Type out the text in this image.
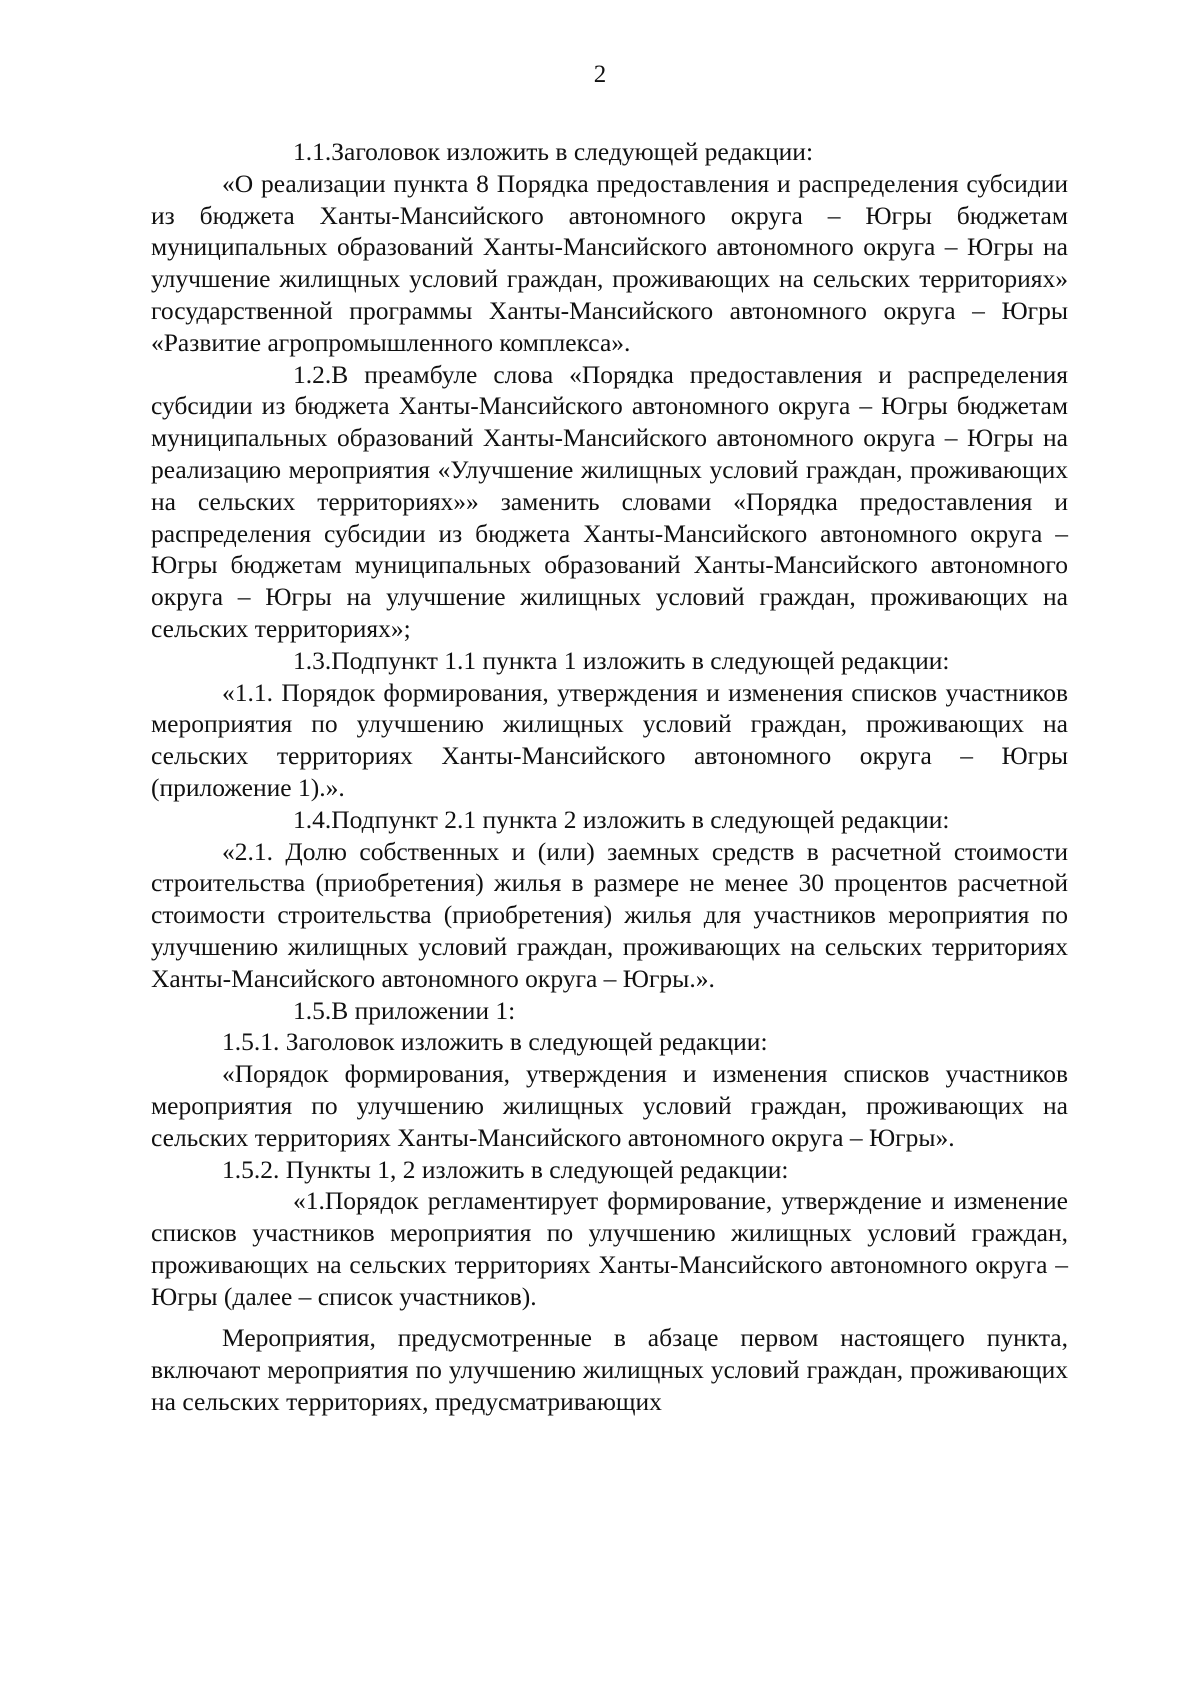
2

1.1.Заголовок изложить в следующей редакции:

«О реализации пункта 8 Порядка предоставления и распределения субсидии из бюджета Ханты-Мансийского автономного округа – Югры бюджетам муниципальных образований Ханты-Мансийского автономного округа – Югры на улучшение жилищных условий граждан, проживающих на сельских территориях» государственной программы Ханты-Мансийского автономного округа – Югры «Развитие агропромышленного комплекса».

1.2.В преамбуле слова «Порядка предоставления и распределения субсидии из бюджета Ханты-Мансийского автономного округа – Югры бюджетам муниципальных образований Ханты-Мансийского автономного округа – Югры на реализацию мероприятия «Улучшение жилищных условий граждан, проживающих на сельских территориях»» заменить словами «Порядка предоставления и распределения субсидии из бюджета Ханты-Мансийского автономного округа – Югры бюджетам муниципальных образований Ханты-Мансийского автономного округа – Югры на улучшение жилищных условий граждан, проживающих на сельских территориях»;

1.3.Подпункт 1.1 пункта 1 изложить в следующей редакции:

«1.1. Порядок формирования, утверждения и изменения списков участников мероприятия по улучшению жилищных условий граждан, проживающих на сельских территориях Ханты-Мансийского автономного округа – Югры (приложение 1).».

1.4.Подпункт 2.1 пункта 2 изложить в следующей редакции:

«2.1. Долю собственных и (или) заемных средств в расчетной стоимости строительства (приобретения) жилья в размере не менее 30 процентов расчетной стоимости строительства (приобретения) жилья для участников мероприятия по улучшению жилищных условий граждан, проживающих на сельских территориях Ханты-Мансийского автономного округа – Югры.».

1.5.В приложении 1:

1.5.1. Заголовок изложить в следующей редакции:

«Порядок формирования, утверждения и изменения списков участников мероприятия по улучшению жилищных условий граждан, проживающих на сельских территориях Ханты-Мансийского автономного округа – Югры».

1.5.2. Пункты 1, 2 изложить в следующей редакции:

«1.Порядок регламентирует формирование, утверждение и изменение списков участников мероприятия по улучшению жилищных условий граждан, проживающих на сельских территориях Ханты-Мансийского автономного округа – Югры (далее – список участников).

Мероприятия, предусмотренные в абзаце первом настоящего пункта, включают мероприятия по улучшению жилищных условий граждан, проживающих на сельских территориях, предусматривающих
